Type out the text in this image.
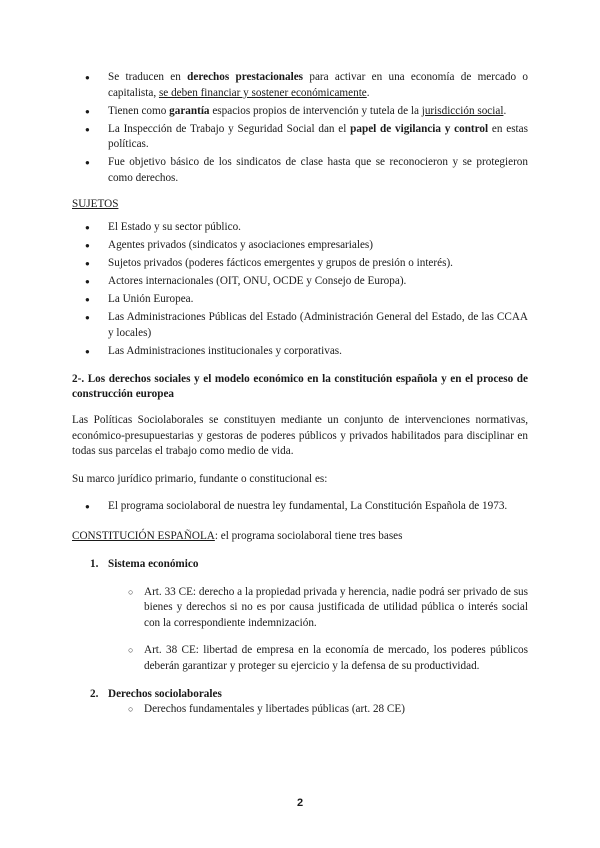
● Se traducen en derechos prestacionales para activar en una economía de mercado o capitalista, se deben financiar y sostener económicamente.
● Tienen como garantía espacios propios de intervención y tutela de la jurisdicción social.
● La Inspección de Trabajo y Seguridad Social dan el papel de vigilancia y control en estas políticas.
● Fue objetivo básico de los sindicatos de clase hasta que se reconocieron y se protegieron como derechos.

SUJETOS

● El Estado y su sector público.
● Agentes privados (sindicatos y asociaciones empresariales)
● Sujetos privados (poderes fácticos emergentes y grupos de presión o interés).
● Actores internacionales (OIT, ONU, OCDE y Consejo de Europa).
● La Unión Europea.
● Las Administraciones Públicas del Estado (Administración General del Estado, de las CCAA y locales)
● Las Administraciones institucionales y corporativas.

2-. Los derechos sociales y el modelo económico en la constitución española y en el proceso de construcción europea

Las Políticas Sociolaborales se constituyen mediante un conjunto de intervenciones normativas, económico-presupuestarias y gestoras de poderes públicos y privados habilitados para disciplinar en todas sus parcelas el trabajo como medio de vida.

Su marco jurídico primario, fundante o constitucional es:

● El programa sociolaboral de nuestra ley fundamental, La Constitución Española de 1973.

CONSTITUCIÓN ESPAÑOLA: el programa sociolaboral tiene tres bases

1. Sistema económico
○ Art. 33 CE: derecho a la propiedad privada y herencia, nadie podrá ser privado de sus bienes y derechos si no es por causa justificada de utilidad pública o interés social con la correspondiente indemnización.
○ Art. 38 CE: libertad de empresa en la economía de mercado, los poderes públicos deberán garantizar y proteger su ejercicio y la defensa de su productividad.
2. Derechos sociolaborales
○ Derechos fundamentales y libertades públicas (art. 28 CE)
2
